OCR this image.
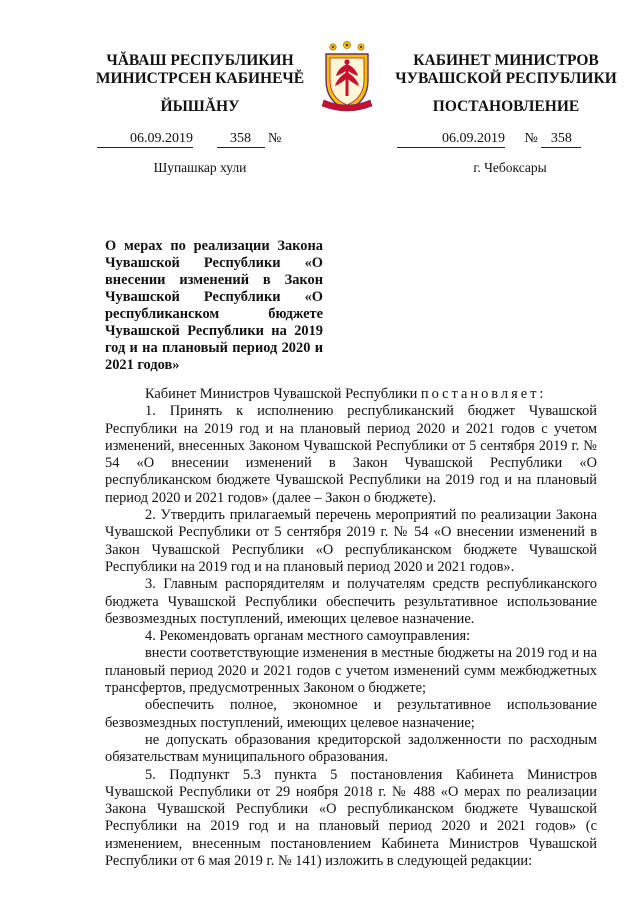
ЧĂВАШ РЕСПУБЛИКИН
МИНИСТРСЕН КАБИНЕЧĔ
ЙЫШĂНУ
КАБИНЕТ МИНИСТРОВ
ЧУВАШСКОЙ РЕСПУБЛИКИ
ПОСТАНОВЛЕНИЕ
06.09.2019	358 №	06.09.2019 № 358
Шупашкар хули	г. Чебоксары
О мерах по реализации Закона Чувашской Республики «О внесении изменений в Закон Чувашской Республики «О республиканском бюджете Чувашской Республики на 2019 год и на плановый период 2020 и 2021 годов»

Кабинет Министров Чувашской Республики постановляет:

1. Принять к исполнению республиканский бюджет Чувашской Республики на 2019 год и на плановый период 2020 и 2021 годов с учетом изменений, внесенных Законом Чувашской Республики от 5 сентября 2019 г. № 54 «О внесении изменений в Закон Чувашской Республики «О республиканском бюджете Чувашской Республики на 2019 год и на плановый период 2020 и 2021 годов» (далее – Закон о бюджете).

2. Утвердить прилагаемый перечень мероприятий по реализации Закона Чувашской Республики от 5 сентября 2019 г. № 54 «О внесении изменений в Закон Чувашской Республики «О республиканском бюджете Чувашской Республики на 2019 год и на плановый период 2020 и 2021 годов».

3. Главным распорядителям и получателям средств республиканского бюджета Чувашской Республики обеспечить результативное использование безвозмездных поступлений, имеющих целевое назначение.

4. Рекомендовать органам местного самоуправления:

внести соответствующие изменения в местные бюджеты на 2019 год и на плановый период 2020 и 2021 годов с учетом изменений сумм межбюджетных трансфертов, предусмотренных Законом о бюджете;

обеспечить полное, экономное и результативное использование безвозмездных поступлений, имеющих целевое назначение;

не допускать образования кредиторской задолженности по расходным обязательствам муниципального образования.

5. Подпункт 5.3 пункта 5 постановления Кабинета Министров Чувашской Республики от 29 ноября 2018 г. № 488 «О мерах по реализации Закона Чувашской Республики «О республиканском бюджете Чувашской Республики на 2019 год и на плановый период 2020 и 2021 годов» (с изменением, внесенным постановлением Кабинета Министров Чувашской Республики от 6 мая 2019 г. № 141) изложить в следующей редакции:
